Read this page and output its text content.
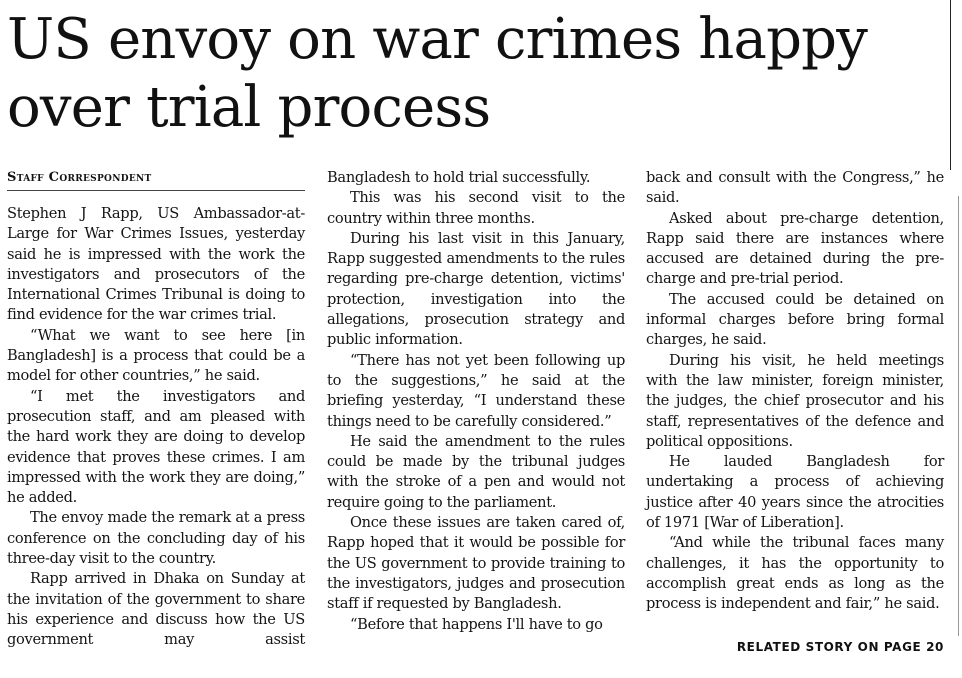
US envoy on war crimes happy over trial process
Staff Correspondent

Stephen J Rapp, US Ambassador-at-Large for War Crimes Issues, yesterday said he is impressed with the work the investigators and prosecutors of the International Crimes Tribunal is doing to find evidence for the war crimes trial.

“What we want to see here [in Bangladesh] is a process that could be a model for other countries,” he said.

“I met the investigators and prosecution staff, and am pleased with the hard work they are doing to develop evidence that proves these crimes. I am impressed with the work they are doing,” he added.

The envoy made the remark at a press conference on the concluding day of his three-day visit to the country.

Rapp arrived in Dhaka on Sunday at the invitation of the government to share his experience and discuss how the US government may assist

Bangladesh to hold trial successfully.

This was his second visit to the country within three months.

During his last visit in this January, Rapp suggested amendments to the rules regarding pre-charge detention, victims' protection, investigation into the allegations, prosecution strategy and public information.

“There has not yet been following up to the suggestions,” he said at the briefing yesterday, “I understand these things need to be carefully considered.”

He said the amendment to the rules could be made by the tribunal judges with the stroke of a pen and would not require going to the parliament.

Once these issues are taken cared of, Rapp hoped that it would be possible for the US government to provide training to the investigators, judges and prosecution staff if requested by Bangladesh.

“Before that happens I'll have to go

back and consult with the Congress,” he said.

Asked about pre-charge detention, Rapp said there are instances where accused are detained during the pre-charge and pre-trial period.

The accused could be detained on informal charges before bring formal charges, he said.

During his visit, he held meetings with the law minister, foreign minister, the judges, the chief prosecutor and his staff, representatives of the defence and political oppositions.

He lauded Bangladesh for undertaking a process of achieving justice after 40 years since the atrocities of 1971 [War of Liberation].

“And while the tribunal faces many challenges, it has the opportunity to accomplish great ends as long as the process is independent and fair,” he said.

RELATED STORY ON PAGE 20
